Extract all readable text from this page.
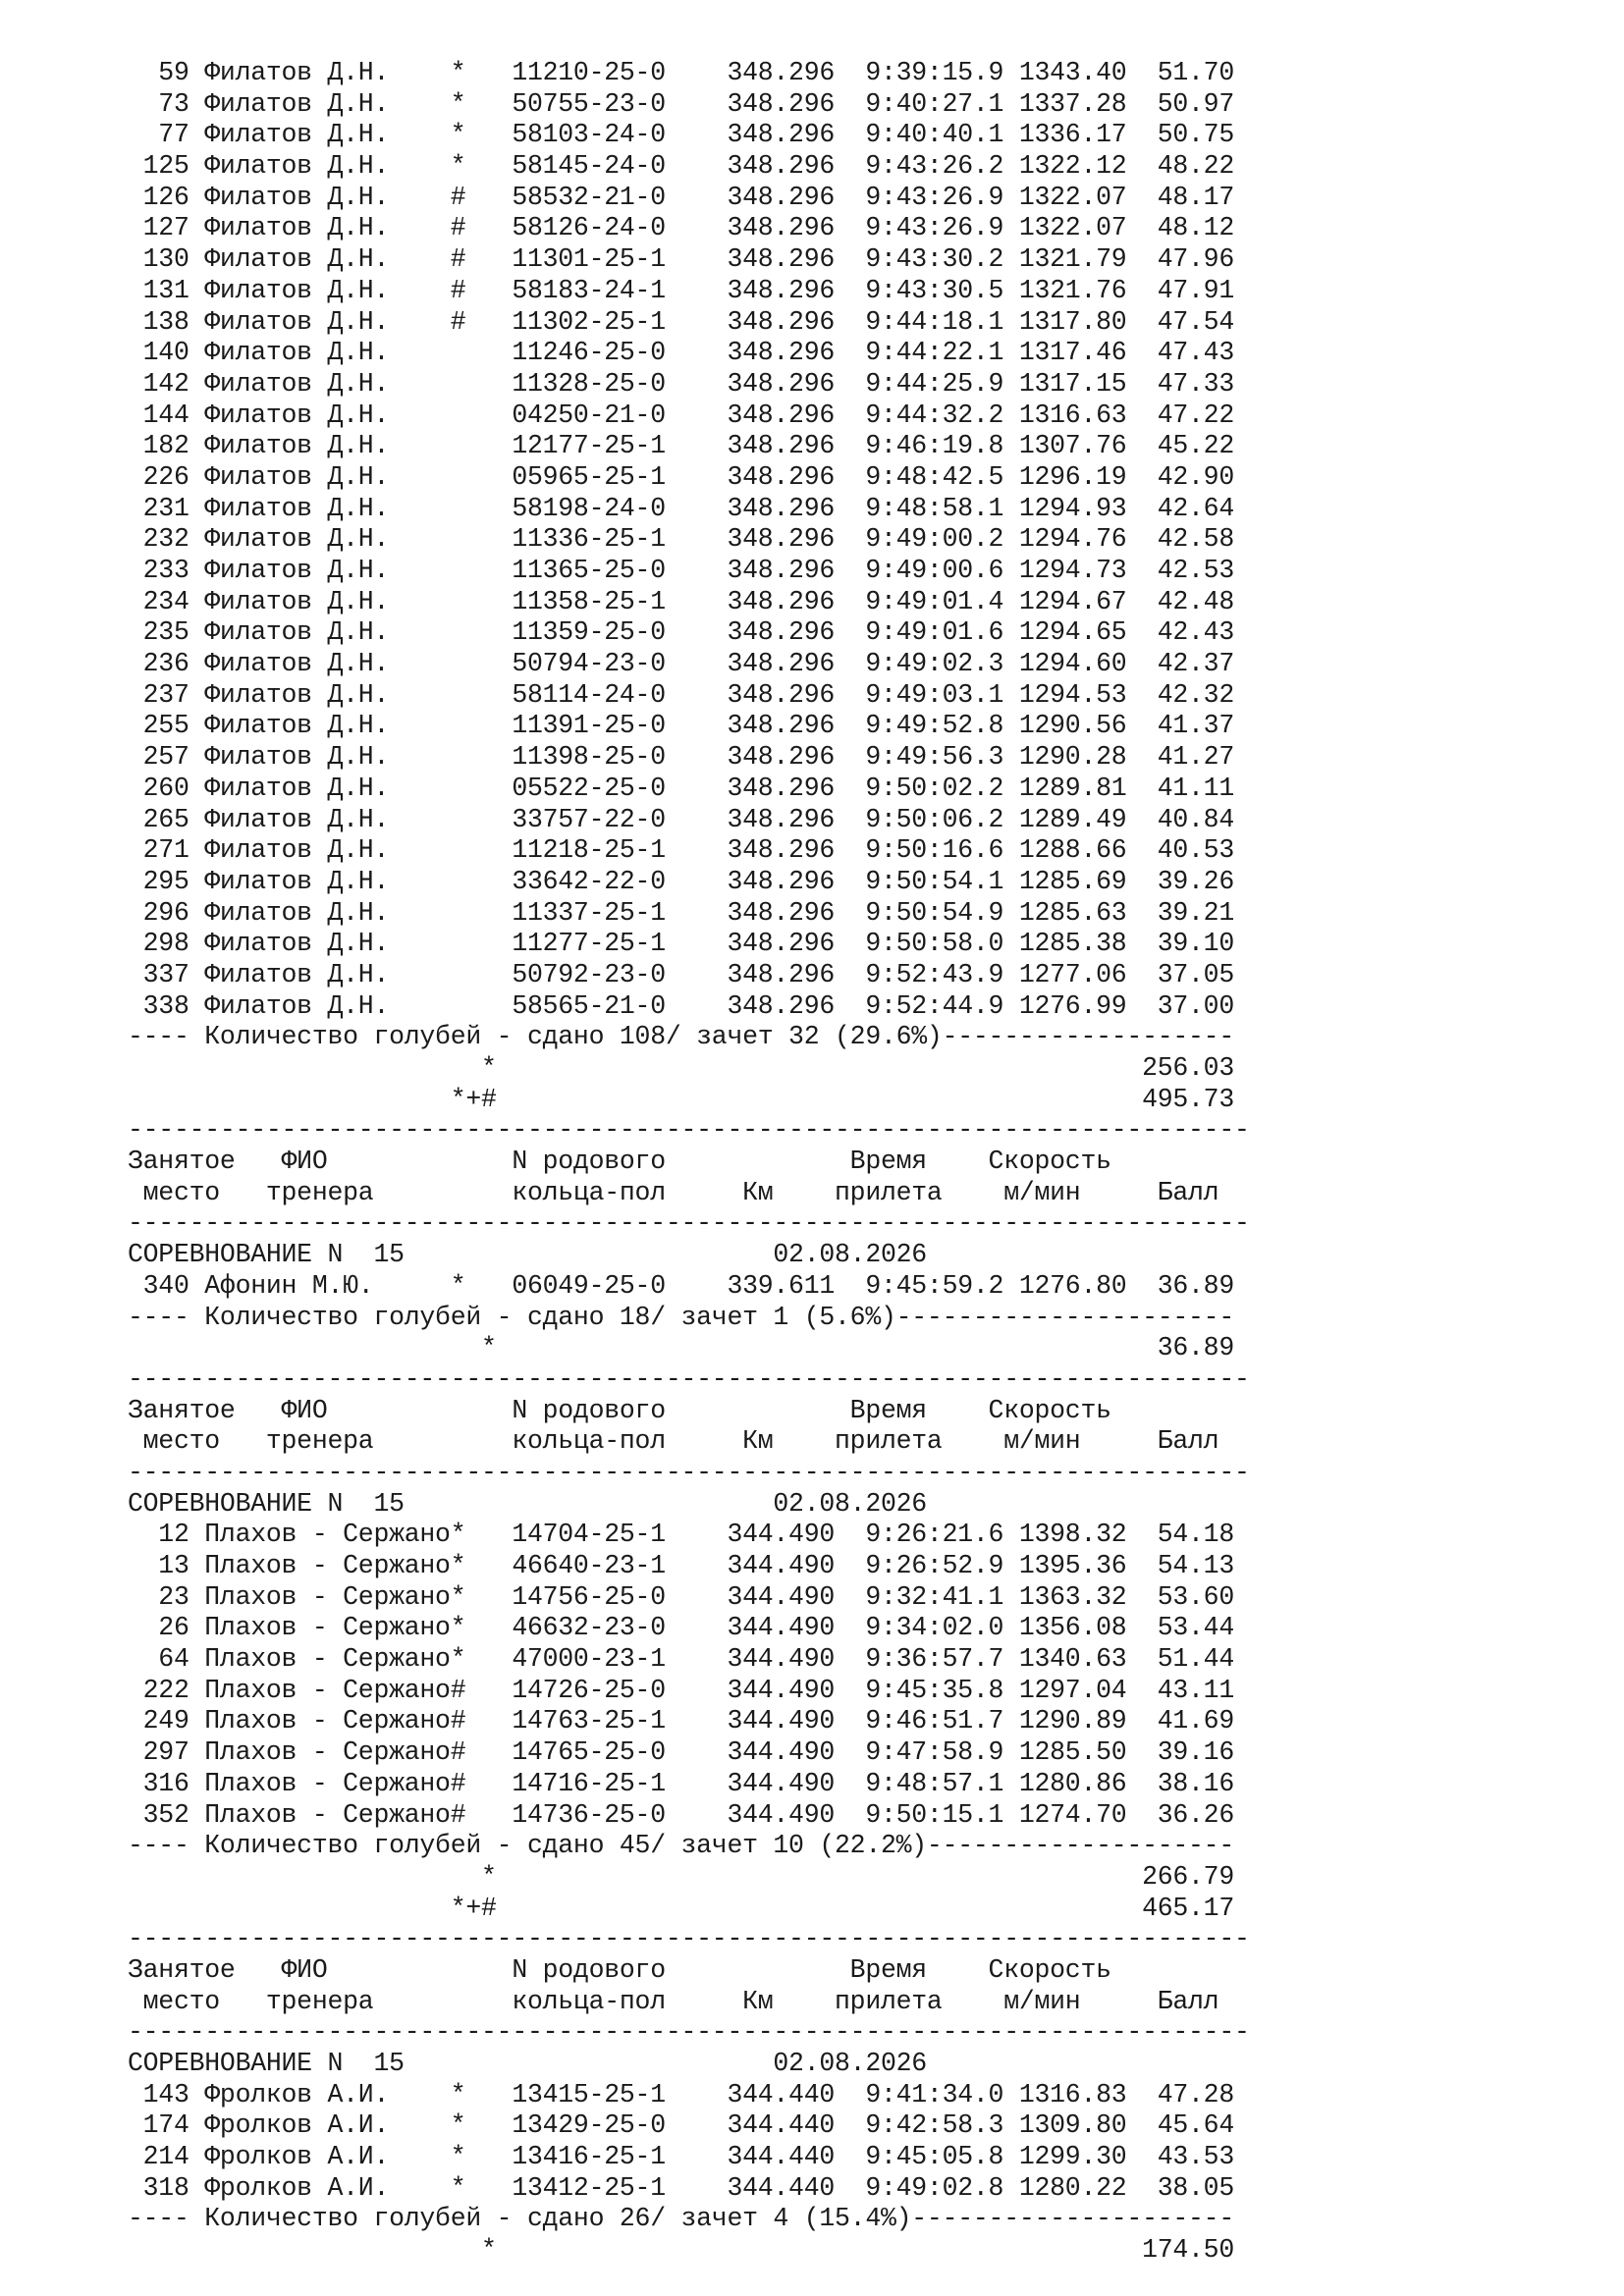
59 Филатов Д.Н.    *   11210-25-0    348.296  9:39:15.9 1343.40  51.70
73 Филатов Д.Н.    *   50755-23-0    348.296  9:40:27.1 1337.28  50.97
77 Филатов Д.Н.    *   58103-24-0    348.296  9:40:40.1 1336.17  50.75
125 Филатов Д.Н.    *   58145-24-0    348.296  9:43:26.2 1322.12  48.22
126 Филатов Д.Н.    #   58532-21-0    348.296  9:43:26.9 1322.07  48.17
127 Филатов Д.Н.    #   58126-24-0    348.296  9:43:26.9 1322.07  48.12
130 Филатов Д.Н.    #   11301-25-1    348.296  9:43:30.2 1321.79  47.96
131 Филатов Д.Н.    #   58183-24-1    348.296  9:43:30.5 1321.76  47.91
138 Филатов Д.Н.    #   11302-25-1    348.296  9:44:18.1 1317.80  47.54
140 Филатов Д.Н.        11246-25-0    348.296  9:44:22.1 1317.46  47.43
142 Филатов Д.Н.        11328-25-0    348.296  9:44:25.9 1317.15  47.33
144 Филатов Д.Н.        04250-21-0    348.296  9:44:32.2 1316.63  47.22
182 Филатов Д.Н.        12177-25-1    348.296  9:46:19.8 1307.76  45.22
226 Филатов Д.Н.        05965-25-1    348.296  9:48:42.5 1296.19  42.90
231 Филатов Д.Н.        58198-24-0    348.296  9:48:58.1 1294.93  42.64
232 Филатов Д.Н.        11336-25-1    348.296  9:49:00.2 1294.76  42.58
233 Филатов Д.Н.        11365-25-0    348.296  9:49:00.6 1294.73  42.53
234 Филатов Д.Н.        11358-25-1    348.296  9:49:01.4 1294.67  42.48
235 Филатов Д.Н.        11359-25-0    348.296  9:49:01.6 1294.65  42.43
236 Филатов Д.Н.        50794-23-0    348.296  9:49:02.3 1294.60  42.37
237 Филатов Д.Н.        58114-24-0    348.296  9:49:03.1 1294.53  42.32
255 Филатов Д.Н.        11391-25-0    348.296  9:49:52.8 1290.56  41.37
257 Филатов Д.Н.        11398-25-0    348.296  9:49:56.3 1290.28  41.27
260 Филатов Д.Н.        05522-25-0    348.296  9:50:02.2 1289.81  41.11
265 Филатов Д.Н.        33757-22-0    348.296  9:50:06.2 1289.49  40.84
271 Филатов Д.Н.        11218-25-1    348.296  9:50:16.6 1288.66  40.53
295 Филатов Д.Н.        33642-22-0    348.296  9:50:54.1 1285.69  39.26
296 Филатов Д.Н.        11337-25-1    348.296  9:50:54.9 1285.63  39.21
298 Филатов Д.Н.        11277-25-1    348.296  9:50:58.0 1285.38  39.10
337 Филатов Д.Н.        50792-23-0    348.296  9:52:43.9 1277.06  37.05
338 Филатов Д.Н.        58565-21-0    348.296  9:52:44.9 1276.99  37.00
---- Количество голубей - сдано 108/ зачет 32 (29.6%)-------------------
*                                          256.03
*+#                                          495.73
-------------------------------------------------------------------------
Занятое   ФИО            N родового            Время    Скорость
место   тренера         кольца-пол     Км    прилета    м/мин     Балл
-------------------------------------------------------------------------
СОРЕВНОВАНИЕ N  15                        02.08.2026
340 Афонин М.Ю.     *   06049-25-0    339.611  9:45:59.2 1276.80  36.89
---- Количество голубей - сдано 18/ зачет 1 (5.6%)----------------------
*                                           36.89
-------------------------------------------------------------------------
Занятое   ФИО            N родового            Время    Скорость
место   тренера         кольца-пол     Км    прилета    м/мин     Балл
-------------------------------------------------------------------------
СОРЕВНОВАНИЕ N  15                        02.08.2026
12 Плахов - Сержано*   14704-25-1    344.490  9:26:21.6 1398.32  54.18
13 Плахов - Сержано*   46640-23-1    344.490  9:26:52.9 1395.36  54.13
23 Плахов - Сержано*   14756-25-0    344.490  9:32:41.1 1363.32  53.60
26 Плахов - Сержано*   46632-23-0    344.490  9:34:02.0 1356.08  53.44
64 Плахов - Сержано*   47000-23-1    344.490  9:36:57.7 1340.63  51.44
222 Плахов - Сержано#   14726-25-0    344.490  9:45:35.8 1297.04  43.11
249 Плахов - Сержано#   14763-25-1    344.490  9:46:51.7 1290.89  41.69
297 Плахов - Сержано#   14765-25-0    344.490  9:47:58.9 1285.50  39.16
316 Плахов - Сержано#   14716-25-1    344.490  9:48:57.1 1280.86  38.16
352 Плахов - Сержано#   14736-25-0    344.490  9:50:15.1 1274.70  36.26
---- Количество голубей - сдано 45/ зачет 10 (22.2%)--------------------
*                                          266.79
*+#                                          465.17
-------------------------------------------------------------------------
Занятое   ФИО            N родового            Время    Скорость
место   тренера         кольца-пол     Км    прилета    м/мин     Балл
-------------------------------------------------------------------------
СОРЕВНОВАНИЕ N  15                        02.08.2026
143 Фролков А.И.    *   13415-25-1    344.440  9:41:34.0 1316.83  47.28
174 Фролков А.И.    *   13429-25-0    344.440  9:42:58.3 1309.80  45.64
214 Фролков А.И.    *   13416-25-1    344.440  9:45:05.8 1299.30  43.53
318 Фролков А.И.    *   13412-25-1    344.440  9:49:02.8 1280.22  38.05
---- Количество голубей - сдано 26/ зачет 4 (15.4%)---------------------
*                                          174.50
